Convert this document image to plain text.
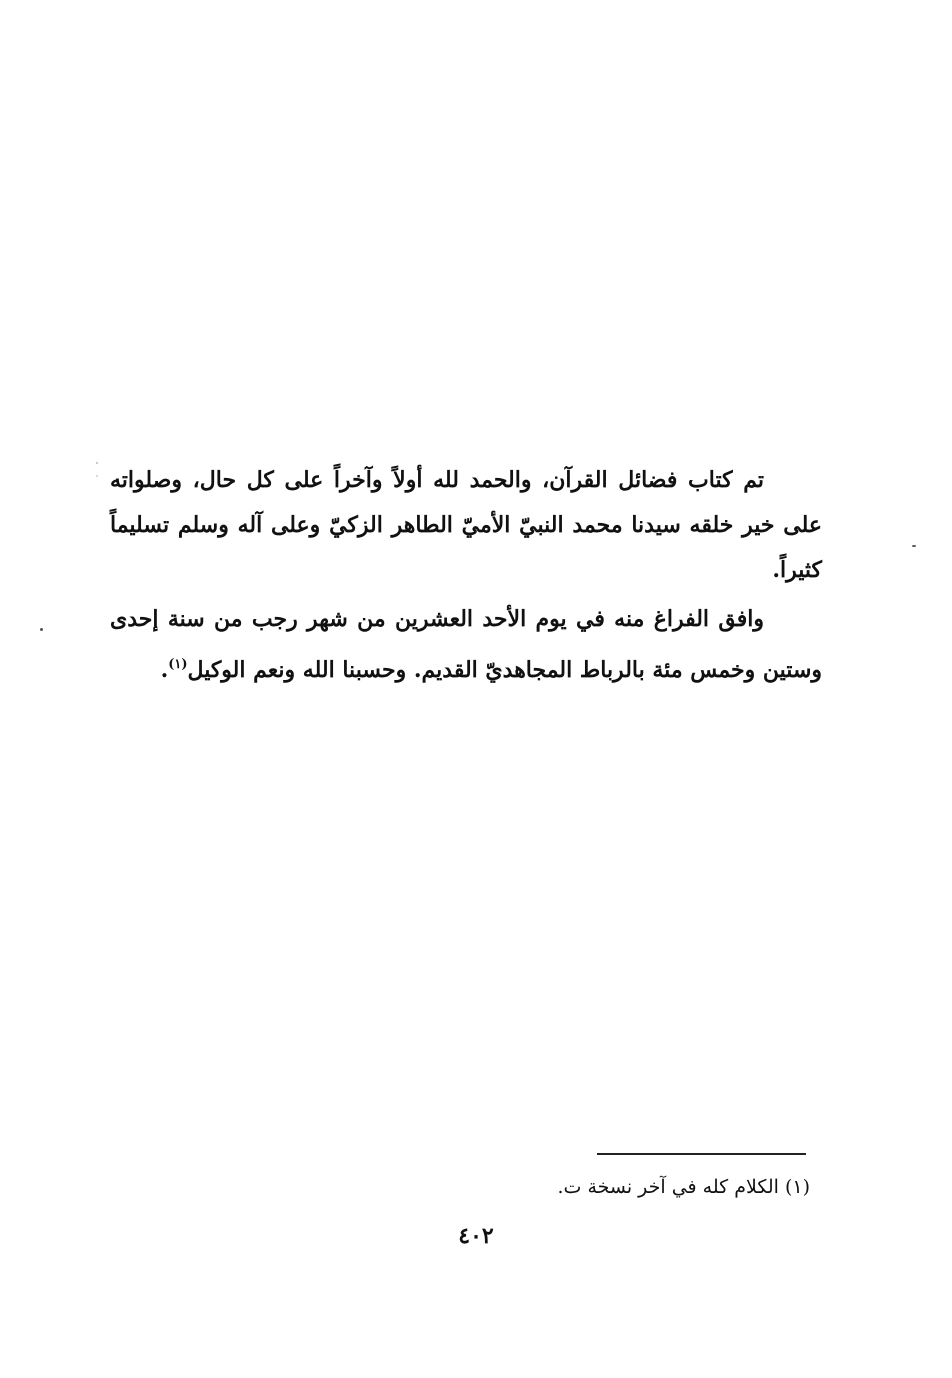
تم كتاب فضائل القرآن، والحمد لله أولاً وآخراً على كل حال، وصلواته على خير خلقه سيدنا محمد النبيّ الأميّ الطاهر الزكيّ وعلى آله وسلم تسليماً كثيراً.

وافق الفراغ منه في يوم الأحد العشرين من شهر رجب من سنة إحدى وستين وخمس مئة بالرباط المجاهديّ القديم. وحسبنا الله ونعم الوكيل$^{(١)}$.

(١) الكلام كله في آخر نسخة ت.
٤٠٢
